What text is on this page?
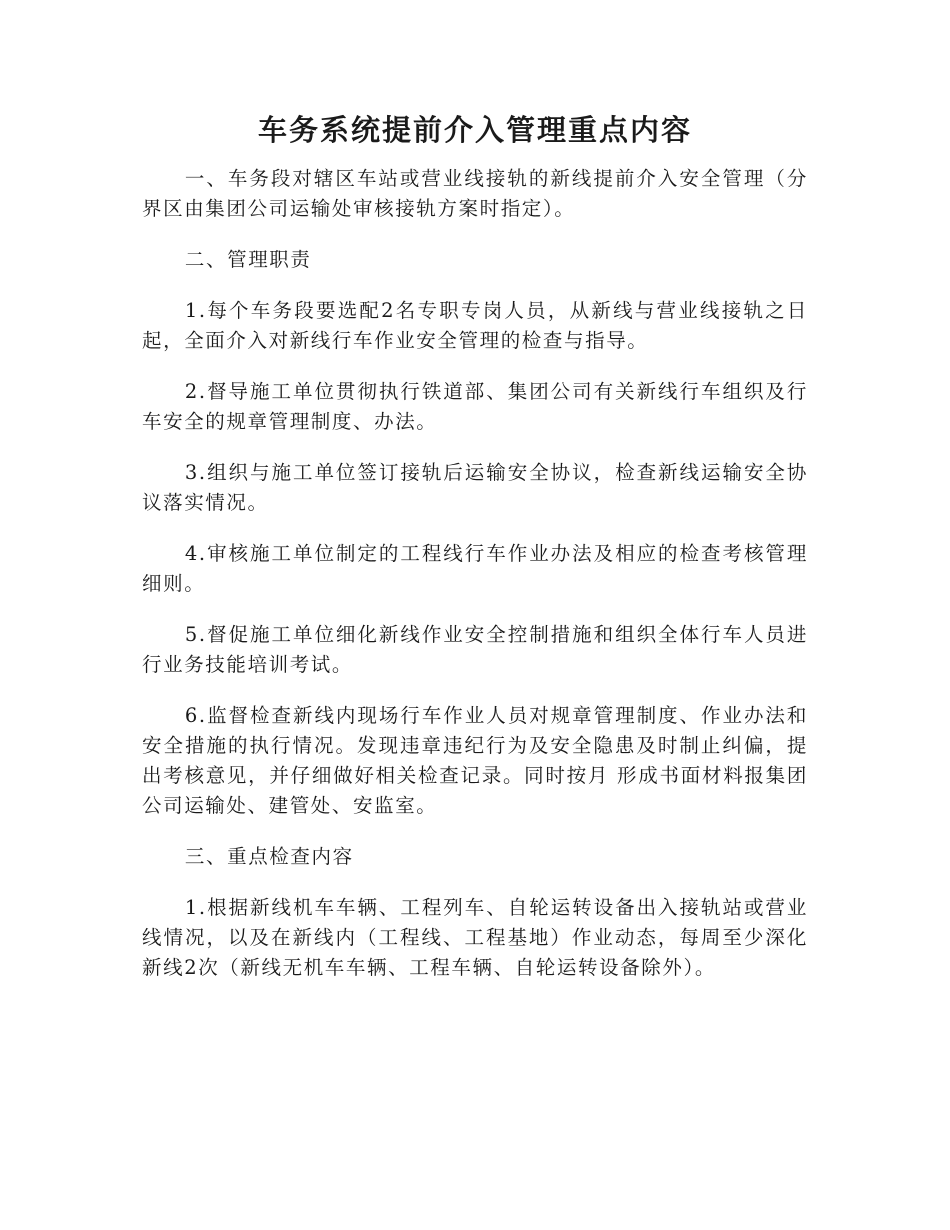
车务系统提前介入管理重点内容

一、车务段对辖区车站或营业线接轨的新线提前介入安全管理（分界区由集团公司运输处审核接轨方案时指定）。

二、管理职责

1.每个车务段要选配2名专职专岗人员，从新线与营业线接轨之日起，全面介入对新线行车作业安全管理的检查与指导。

2.督导施工单位贯彻执行铁道部、集团公司有关新线行车组织及行车安全的规章管理制度、办法。

3.组织与施工单位签订接轨后运输安全协议，检查新线运输安全协议落实情况。

4.审核施工单位制定的工程线行车作业办法及相应的检查考核管理细则。

5.督促施工单位细化新线作业安全控制措施和组织全体行车人员进行业务技能培训考试。

6.监督检查新线内现场行车作业人员对规章管理制度、作业办法和安全措施的执行情况。发现违章违纪行为及安全隐患及时制止纠偏，提出考核意见，并仔细做好相关检查记录。同时按月 形成书面材料报集团公司运输处、建管处、安监室。

三、重点检查内容

1.根据新线机车车辆、工程列车、自轮运转设备出入接轨站或营业线情况，以及在新线内（工程线、工程基地）作业动态，每周至少深化新线2次（新线无机车车辆、工程车辆、自轮运转设备除外）。
